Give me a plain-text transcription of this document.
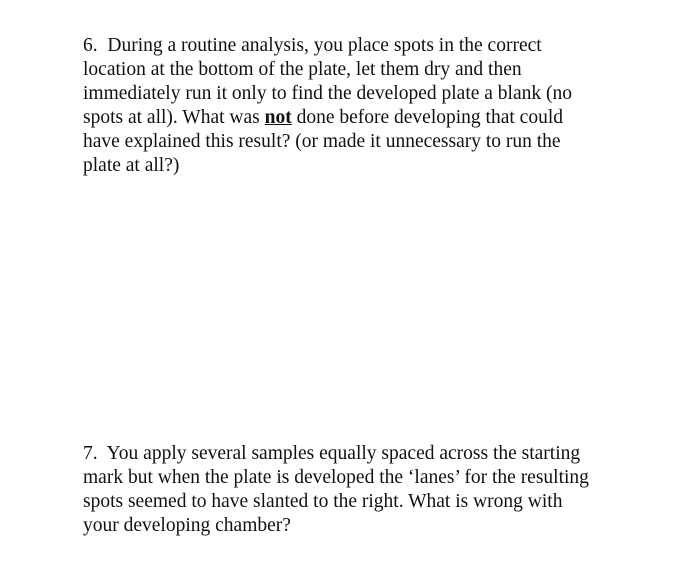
6. During a routine analysis, you place spots in the correct
location at the bottom of the plate, let them dry and then
immediately run it only to find the developed plate a blank (no
spots at all). What was not done before developing that could
have explained this result? (or made it unnecessary to run the
plate at all?)
7. You apply several samples equally spaced across the starting
mark but when the plate is developed the ‘lanes’ for the resulting
spots seemed to have slanted to the right. What is wrong with
your developing chamber?
